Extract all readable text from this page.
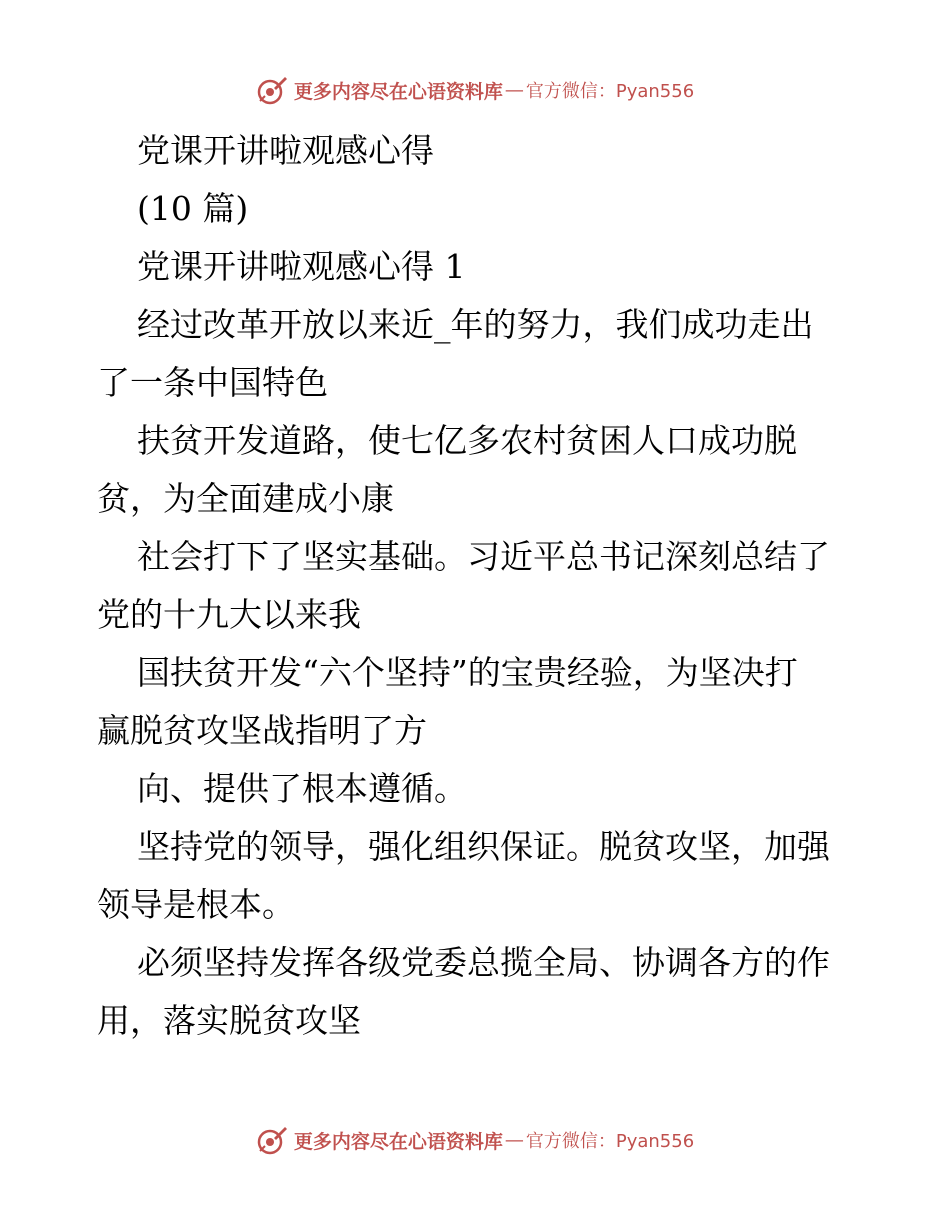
更多内容尽在心语资料库 — 官方微信：Pyan556

党课开讲啦观感心得

(10 篇)

党课开讲啦观感心得 1

经过改革开放以来近_年的努力，我们成功走出

了一条中国特色

扶贫开发道路，使七亿多农村贫困人口成功脱

贫，为全面建成小康

社会打下了坚实基础。习近平总书记深刻总结了

党的十九大以来我

国扶贫开发“六个坚持”的宝贵经验，为坚决打

赢脱贫攻坚战指明了方

向、提供了根本遵循。

坚持党的领导，强化组织保证。脱贫攻坚，加强

领导是根本。

必须坚持发挥各级党委总揽全局、协调各方的作

用，落实脱贫攻坚

更多内容尽在心语资料库 — 官方微信：Pyan556
